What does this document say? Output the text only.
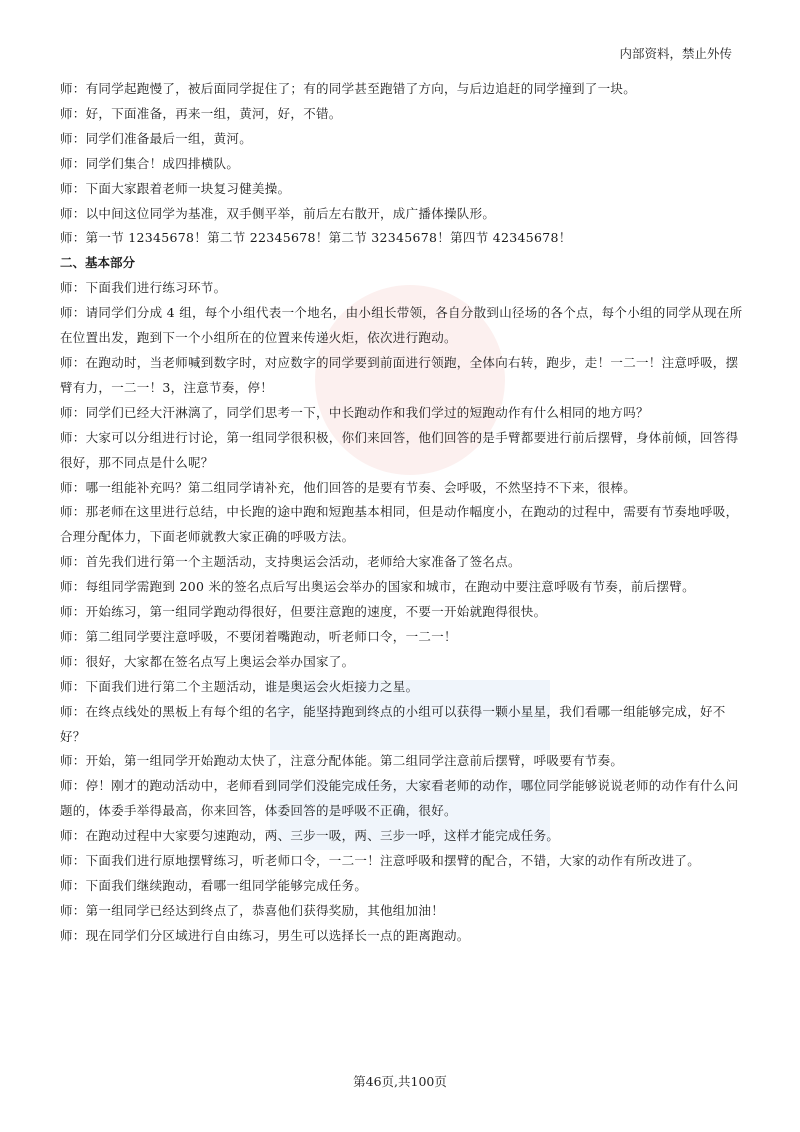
内部资料，禁止外传

师：有同学起跑慢了，被后面同学捉住了；有的同学甚至跑错了方向，与后边追赶的同学撞到了一块。

师：好，下面准备，再来一组，黄河，好，不错。

师：同学们准备最后一组，黄河。

师：同学们集合！成四排横队。

师：下面大家跟着老师一块复习健美操。

师：以中间这位同学为基准，双手侧平举，前后左右散开，成广播体操队形。

师：第一节 12345678！第二节 22345678！第二节 32345678！第四节 42345678！

二、基本部分

师：下面我们进行练习环节。

师：请同学们分成 4 组，每个小组代表一个地名，由小组长带领，各自分散到山径场的各个点，每个小组的同学从现在所在位置出发，跑到下一个小组所在的位置来传递火炬，依次进行跑动。

师：在跑动时，当老师喊到数字时，对应数字的同学要到前面进行领跑，全体向右转，跑步，走！一二一！注意呼吸，摆臂有力，一二一！3，注意节奏，停！

师：同学们已经大汗淋漓了，同学们思考一下，中长跑动作和我们学过的短跑动作有什么相同的地方吗？

师：大家可以分组进行讨论，第一组同学很积极，你们来回答，他们回答的是手臂都要进行前后摆臂，身体前倾，回答得很好，那不同点是什么呢？

师：哪一组能补充吗？第二组同学请补充，他们回答的是要有节奏、会呼吸，不然坚持不下来，很棒。

师：那老师在这里进行总结，中长跑的途中跑和短跑基本相同，但是动作幅度小，在跑动的过程中，需要有节奏地呼吸，合理分配体力，下面老师就教大家正确的呼吸方法。

师：首先我们进行第一个主题活动，支持奥运会活动，老师给大家准备了签名点。

师：每组同学需跑到 200 米的签名点后写出奥运会举办的国家和城市，在跑动中要注意呼吸有节奏，前后摆臂。

师：开始练习，第一组同学跑动得很好，但要注意跑的速度，不要一开始就跑得很快。

师：第二组同学要注意呼吸，不要闭着嘴跑动，听老师口令，一二一！

师：很好，大家都在签名点写上奥运会举办国家了。

师：下面我们进行第二个主题活动，谁是奥运会火炬接力之星。

师：在终点线处的黑板上有每个组的名字，能坚持跑到终点的小组可以获得一颗小星星，我们看哪一组能够完成，好不好？

师：开始，第一组同学开始跑动太快了，注意分配体能。第二组同学注意前后摆臂，呼吸要有节奏。

师：停！刚才的跑动活动中，老师看到同学们没能完成任务，大家看老师的动作，哪位同学能够说说老师的动作有什么问题的，体委手举得最高，你来回答，体委回答的是呼吸不正确，很好。

师：在跑动过程中大家要匀速跑动，两、三步一吸，两、三步一呼，这样才能完成任务。

师：下面我们进行原地摆臂练习，听老师口令，一二一！注意呼吸和摆臂的配合，不错，大家的动作有所改进了。

师：下面我们继续跑动，看哪一组同学能够完成任务。

师：第一组同学已经达到终点了，恭喜他们获得奖励，其他组加油！

师：现在同学们分区域进行自由练习，男生可以选择长一点的距离跑动。

第46页,共100页
